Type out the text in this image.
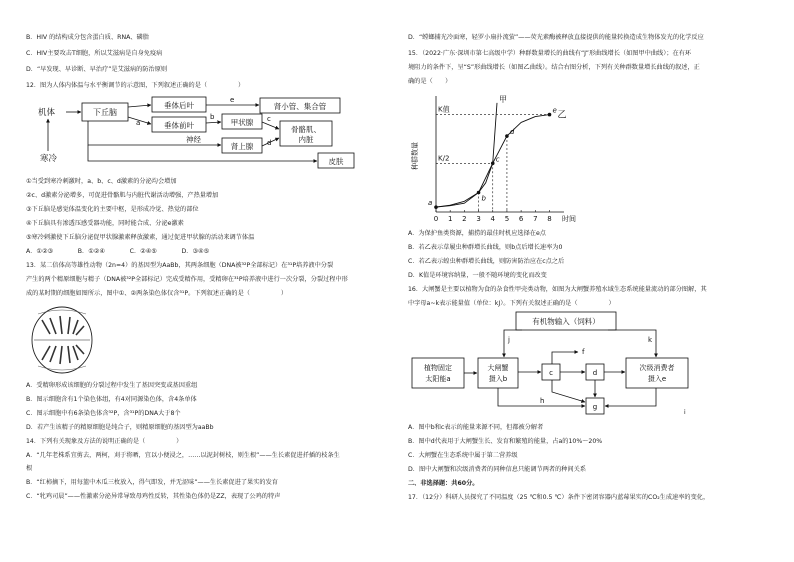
B．HIV 的结构成分包含蛋白质、RNA、磷脂
C．HIV主要攻击T细胞，所以艾滋病是自身免疫病
D．“早发现、早诊断、早治疗”是艾滋病的防治原则
12．图为人体内体温与水平衡调节的示意图，下列叙述正确的是（　　　　　）
机体	下丘脑
垂体后叶
垂体前叶	甲状腺
肾小管、集合管
骨骼肌、
内脏
肾上腺
神经
皮肤
寒冷
a
b	c
d
e
①当受到寒冷刺激时，a、b、c、d激素的分泌均会增加
②c、d激素分泌增多，可促进骨骼肌与内脏代谢活动增强，产热量增加
③下丘脑是感觉体温变化的主要中枢，是形成冷觉、热觉的部位
④下丘脑具有渗透压感受器功能，同时能合成、分泌e激素
⑤寒冷刺激使下丘脑分泌促甲状腺激素释放激素，通过促进甲状腺的活动来调节体温
A．①②③　　　　B．①②④　　　　C．②④⑤　　　　D．③④⑤
13．某二倍体高等雄性动物（2n=4）的基因型为AaBb，其两条细胞（DNA被³²P全部标记）在³¹P培养液中分裂
产生的两个精原细胞与精子（DNA被³²P全部标记）完成受精作用，受精卵在³¹P培养液中进行一次分裂，分裂过程中形
成的某时期的细胞如图所示，图中①、②两条染色体仅含³¹P。下列叙述正确的是（　　　　　）
A．受精卵形成该细胞的分裂过程中发生了基因突变或基因重组
B．图示细胞含有1个染色体组，有4对同源染色体，含4条单体
C．图示细胞中有6条染色体含³²P，含³¹P的DNA大于8个
D．若产生该精子的精原细胞是纯合子，则精原细胞的基因型为aaBb
14．下列有关现象及方法的说明正确的是（　　　　　）
A．“几年老株系宜剪去，两柯，刈于将晒，宜以小便浸之，……以泥封树枝，则生根”——生长素促进扦插的枝条生
根
B．“红柿摘下，用每篮中木瓜三枚放入，得气即发，并无涩味”——生长素促进了果实的发育
C．“牝鸡司晨”——性激素分泌异常导致母鸡性反转，其性染色体仍是ZZ，表现了公鸡的特声
D．“螳螂捕光冷面寒，轻罗小扇扑流萤”——荧光素酶被释放直接提供的能量转换造成生物体发光的化学反应
15．（2022·广东·深圳市第七高级中学）种群数量增长的曲线有“J”形曲线增长（如图甲中曲线）；在有环
境阻力的条件下，呈“S”形曲线增长（如图乙曲线）。结合右图分析，下列有关种群数量增长曲线的叙述，正
确的是（　　）
0 1 2 3 4 5 6 7 8 时间
种群数量
K值
K/2
甲
乙
a
b
c
d
e
A．为保护鱼类资源，捕捞的最佳时机应选择在e点
B．若乙表示草履虫种群增长曲线，则b点后增长速率为0
C．若乙表示蝗虫种群增长曲线，则防害防治应在c点之后
D．K值是环境容纳量，一般不随环境的变化而改变
16．大闸蟹是主要以植物为食的杂食性甲壳类动物，如图为大闸蟹养殖水域生态系统能量流动的部分图解，其
中字母a~k表示能量值（单位：kJ）。下列有关叙述正确的是（　　　　　）
有机物输入（饲料）
植物固定
太阳能a
大闸蟹
摄入b
c	d
g
f
h
j	k
次级消费者
摄入e
i
A．图中b和c表示的能量来源不同，但都被分解者
B．图中d代表用于大闸蟹生长、发育和繁殖的能量，占a的10%～20%
C．大闸蟹在生态系统中属于第二营养级
D．图中大闸蟹和次级消费者的同种信息只能调节两者的种间关系
二、非选择题：共60分。
17．（12分）科研人员探究了不同温度（25 ℃和0.5 ℃）条件下密闭容器内蓝莓果实的CO₂生成速率的变化，
